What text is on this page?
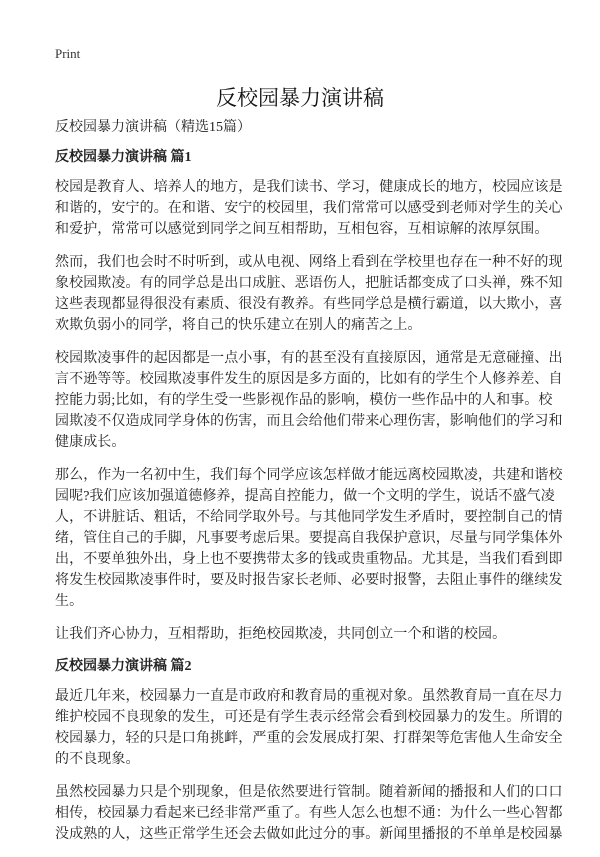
Print
反校园暴力演讲稿
反校园暴力演讲稿（精选15篇）
反校园暴力演讲稿 篇1
校园是教育人、培养人的地方，是我们读书、学习，健康成长的地方，校园应该是
和谐的，安宁的。在和谐、安宁的校园里，我们常常可以感受到老师对学生的关心
和爱护，常常可以感觉到同学之间互相帮助，互相包容，互相谅解的浓厚氛围。
然而，我们也会时不时听到，或从电视、网络上看到在学校里也存在一种不好的现
象校园欺凌。有的同学总是出口成脏、恶语伤人，把脏话都变成了口头禅，殊不知
这些表现都显得很没有素质、很没有教养。有些同学总是横行霸道，以大欺小，喜
欢欺负弱小的同学，将自己的快乐建立在别人的痛苦之上。
校园欺凌事件的起因都是一点小事，有的甚至没有直接原因，通常是无意碰撞、出
言不逊等等。校园欺凌事件发生的原因是多方面的，比如有的学生个人修养差、自
控能力弱;比如，有的学生受一些影视作品的影响，模仿一些作品中的人和事。校
园欺凌不仅造成同学身体的伤害，而且会给他们带来心理伤害，影响他们的学习和
健康成长。
那么，作为一名初中生，我们每个同学应该怎样做才能远离校园欺凌，共建和谐校
园呢?我们应该加强道德修养，提高自控能力，做一个文明的学生，说话不盛气凌
人，不讲脏话、粗话，不给同学取外号。与其他同学发生矛盾时，要控制自己的情
绪，管住自己的手脚，凡事要考虑后果。要提高自我保护意识，尽量与同学集体外
出，不要单独外出，身上也不要携带太多的钱或贵重物品。尤其是，当我们看到即
将发生校园欺凌事件时，要及时报告家长老师、必要时报警，去阻止事件的继续发
生。
让我们齐心协力，互相帮助，拒绝校园欺凌，共同创立一个和谐的校园。
反校园暴力演讲稿 篇2
最近几年来，校园暴力一直是市政府和教育局的重视对象。虽然教育局一直在尽力
维护校园不良现象的发生，可还是有学生表示经常会看到校园暴力的发生。所谓的
校园暴力，轻的只是口角挑衅，严重的会发展成打架、打群架等危害他人生命安全
的不良现象。
虽然校园暴力只是个别现象，但是依然要进行管制。随着新闻的播报和人们的口口
相传，校园暴力看起来已经非常严重了。有些人怎么也想不通：为什么一些心智都
没成熟的人，这些正常学生还会去做如此过分的事。新闻里播报的不单单是校园暴
